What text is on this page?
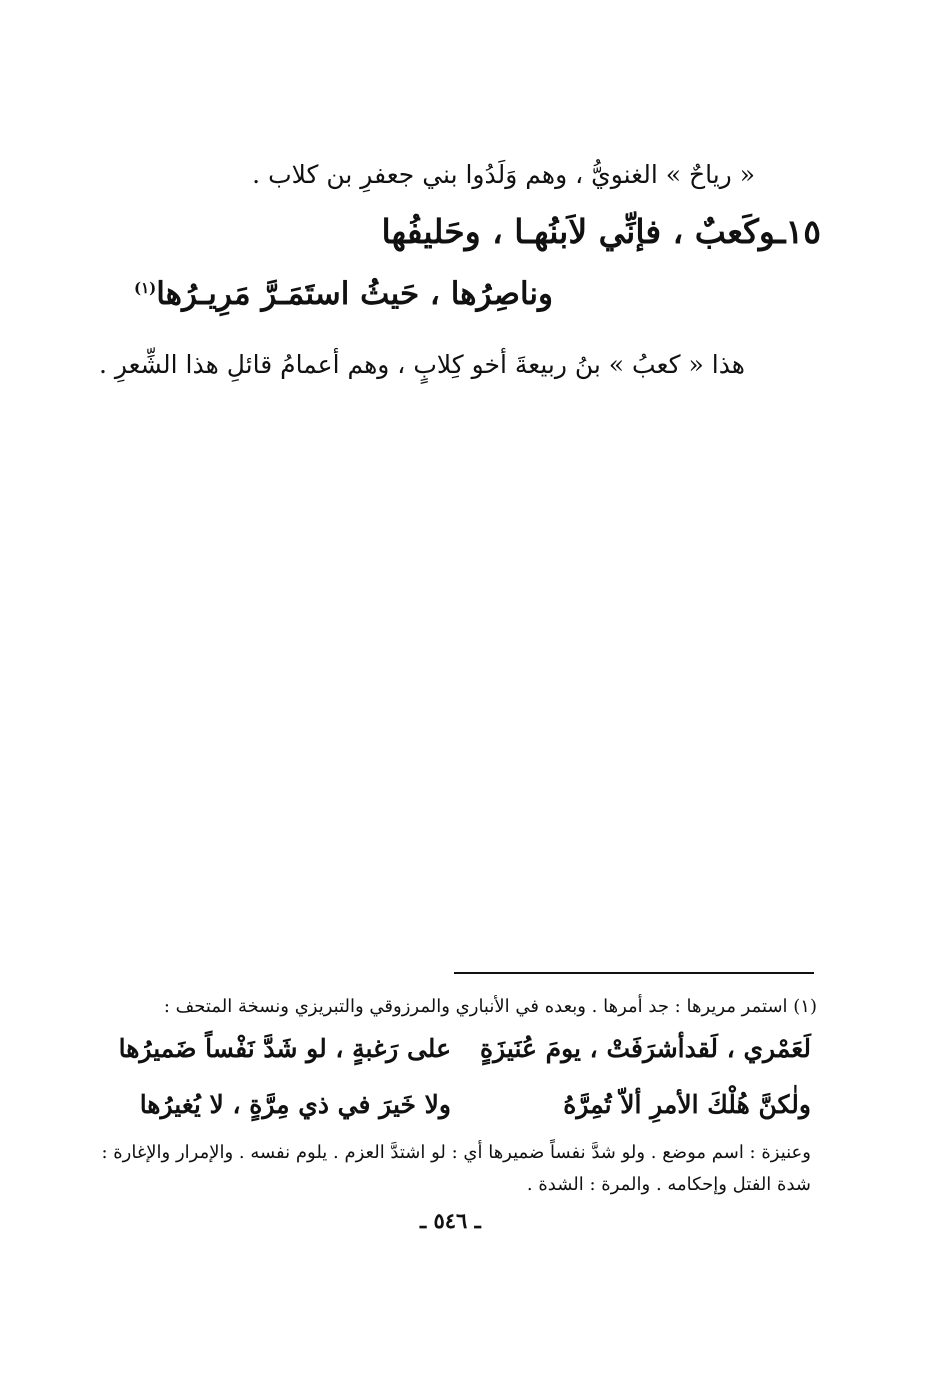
« رياحٌ » الغنويُّ ، وهم وَلَدُوا بني جعفرِ بن كلاب .
١٥ـوكَعبٌ ، فإنِّي لاَبنُهـا ، وحَليفُها
وناصِرُها ، حَيثُ استَمَـرَّ مَرِيـرُها$^{(١)}$
هذا « كعبُ » بنُ ربيعةَ أخو كِلابٍ ، وهم أعمامُ قائلِ هذا الشِّعرِ .
(١) استمر مريرها : جد أمرها . وبعده في الأنباري والمرزوقي والتبريزي ونسخة المتحف :
لَعَمْري ، لَقدأشرَفَتْ ، يومَ عُنَيزَةٍ
على رَغبةٍ ، لو شَدَّ نَفْساً ضَميرُها
ولٰكنَّ هُلْكَ الأمرِ ألاّ تُمِرَّهُ
ولا خَيرَ في ذي مِرَّةٍ ، لا يُغيرُها
وعنيزة : اسم موضع . ولو شدَّ نفساً ضميرها أي : لو اشتدَّ العزم . يلوم نفسه . والإمرار والإغارة :
شدة الفتل وإحكامه . والمرة : الشدة .
ـ ٥٤٦ ـ
